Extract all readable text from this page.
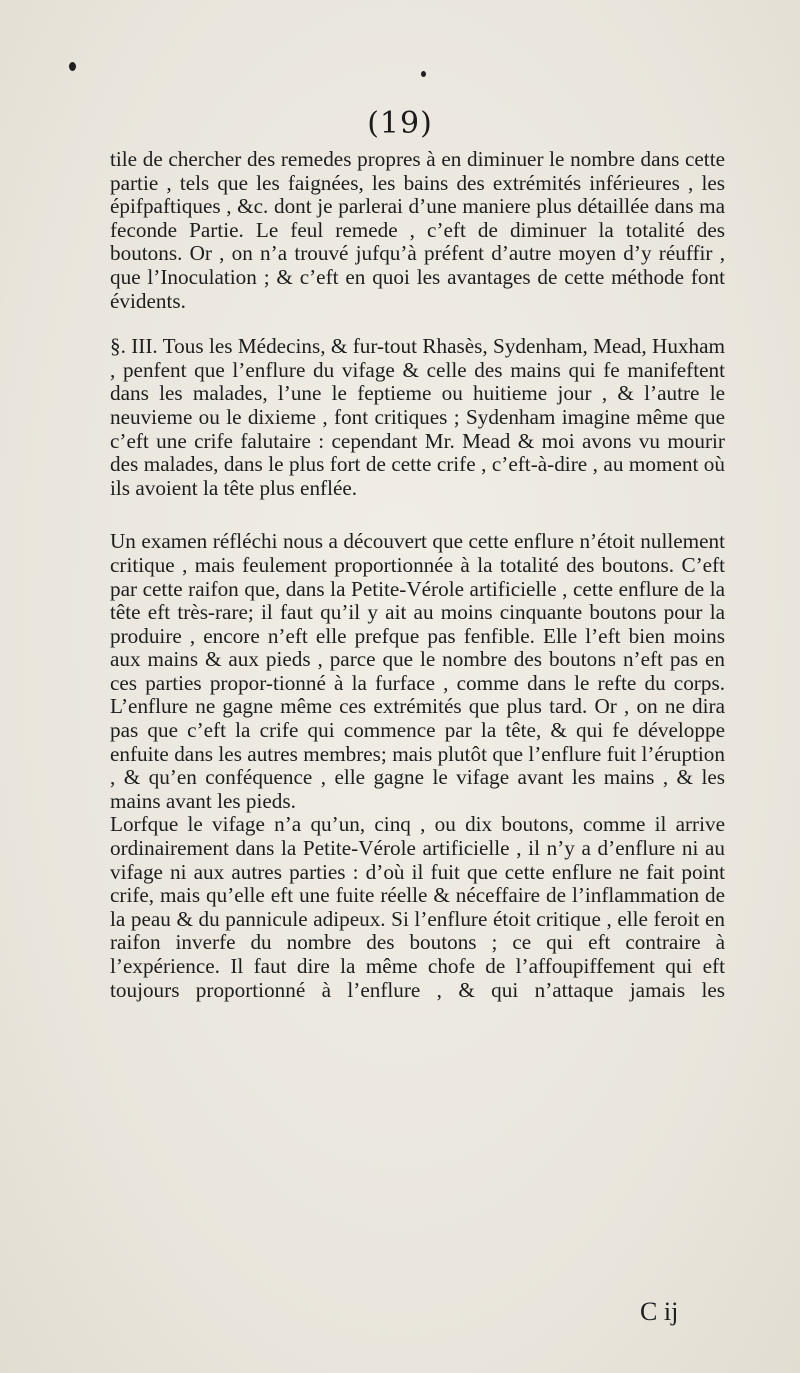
(19)

tile de chercher des remedes propres à en diminuer le nombre dans cette partie , tels que les faignées, les bains des extrémités inférieures , les épifpaftiques , &c. dont je parlerai d’une maniere plus détaillée dans ma feconde Partie. Le feul remede , c’eft de diminuer la totalité des boutons. Or , on n’a trouvé jufqu’à préfent d’autre moyen d’y réuffir , que l’Inoculation ; & c’eft en quoi les avantages de cette méthode font évidents.

§. III. Tous les Médecins, & fur-tout Rhasès, Sydenham, Mead, Huxham , penfent que l’enflure du vifage & celle des mains qui fe manifeftent dans les malades, l’une le feptieme ou huitieme jour , & l’autre le neuvieme ou le dixieme , font critiques ; Sydenham imagine même que c’eft une crife falutaire : cependant Mr. Mead & moi avons vu mourir des malades, dans le plus fort de cette crife , c’eft-à-dire , au moment où ils avoient la tête plus enflée.

Un examen réfléchi nous a découvert que cette enflure n’étoit nullement critique , mais feulement proportionnée à la totalité des boutons. C’eft par cette raifon que, dans la Petite-Vérole artificielle , cette enflure de la tête eft très-rare; il faut qu’il y ait au moins cinquante boutons pour la produire , encore n’eft elle prefque pas fenfible. Elle l’eft bien moins aux mains & aux pieds , parce que le nombre des boutons n’eft pas en ces parties propor-tionné à la furface , comme dans le refte du corps. L’enflure ne gagne même ces extrémités que plus tard. Or , on ne dira pas que c’eft la crife qui commence par la tête, & qui fe développe enfuite dans les autres membres; mais plutôt que l’enflure fuit l’éruption , & qu’en conféquence , elle gagne le vifage avant les mains , & les mains avant les pieds.

Lorfque le vifage n’a qu’un, cinq , ou dix boutons, comme il arrive ordinairement dans la Petite-Vérole artificielle , il n’y a d’enflure ni au vifage ni aux autres parties : d’où il fuit que cette enflure ne fait point crife, mais qu’elle eft une fuite réelle & néceffaire de l’inflammation de la peau & du pannicule adipeux. Si l’enflure étoit critique , elle feroit en raifon inverfe du nombre des boutons ; ce qui eft contraire à l’expérience. Il faut dire la même chofe de l’affoupiffement qui eft toujours proportionné à l’enflure , & qui n’attaque jamais les

C ij
